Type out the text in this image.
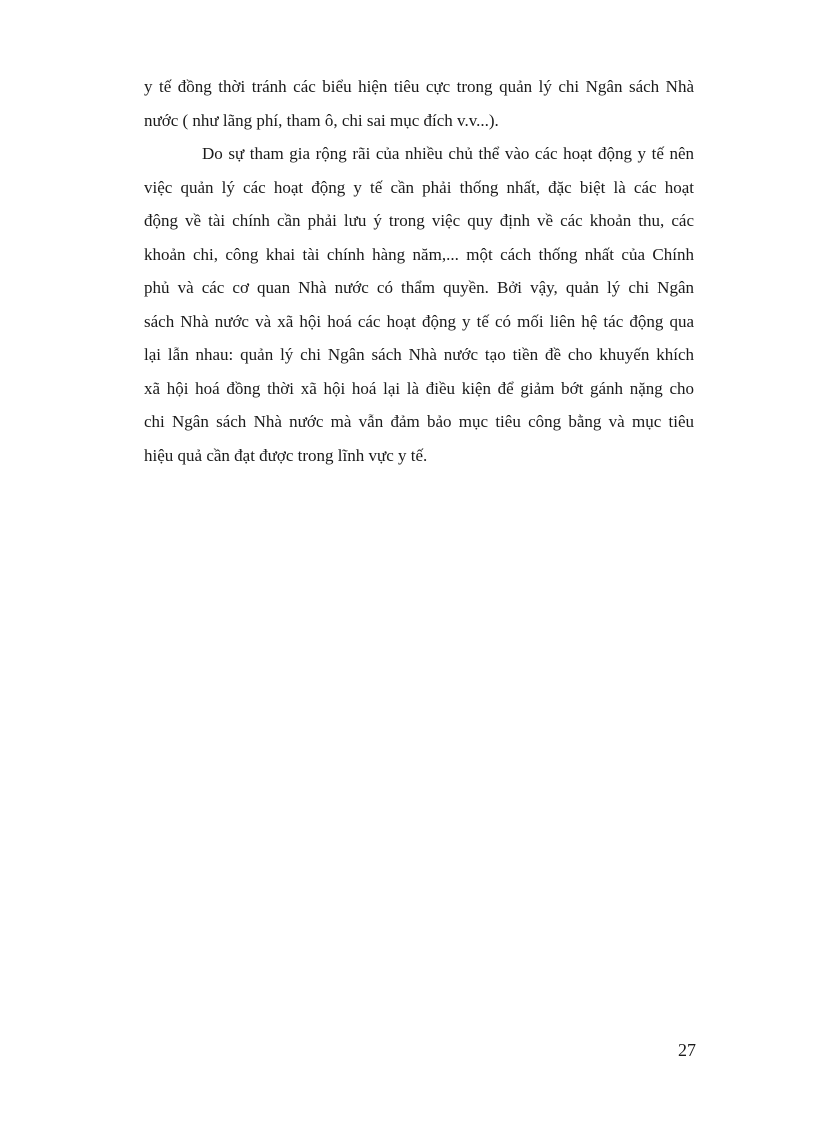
y tế đồng thời tránh các biểu hiện tiêu cực trong quản lý chi Ngân sách Nhà
nước ( như lãng phí, tham ô, chi sai mục đích v.v...).

Do sự tham gia rộng rãi của nhiều chủ thể vào các hoạt động y tế nên
việc quản lý các hoạt động y tế cần phải thống nhất, đặc biệt là các hoạt
động về tài chính cần phải lưu ý trong việc quy định về các khoản thu, các
khoản chi, công khai tài chính hàng năm,... một cách thống nhất của Chính
phủ và các cơ quan Nhà nước có thẩm quyền. Bởi vậy, quản lý chi Ngân
sách Nhà nước và xã hội hoá các hoạt động y tế có mối liên hệ tác động qua
lại lẫn nhau: quản lý chi Ngân sách Nhà nước tạo tiền đề cho khuyến khích
xã hội hoá đồng thời xã hội hoá lại là điều kiện để giảm bớt gánh nặng cho
chi Ngân sách Nhà nước mà vẫn đảm bảo mục tiêu công bằng và mục tiêu
hiệu quả cần đạt được trong lĩnh vực y tế.

27
